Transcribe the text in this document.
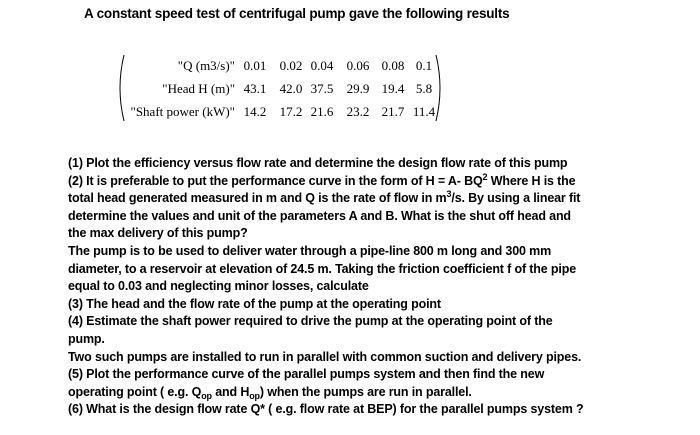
A constant speed test of centrifugal pump gave the following results
"Q (m3/s)" 0.01 0.02 0.04 0.06 0.08 0.1
"Head H (m)" 43.1 42.0 37.5 29.9 19.4 5.8
"Shaft power (kW)" 14.2 17.2 21.6 23.2 21.7 11.4
(1) Plot the efficiency versus flow rate and determine the design flow rate of this pump
(2) It is preferable to put the performance curve in the form of H = A- $BQ^2$ Where H is the
total head generated measured in m and Q is the rate of flow in $m^3/s$. By using a linear fit
determine the values and unit of the parameters A and B. What is the shut off head and
the max delivery of this pump?
The pump is to be used to deliver water through a pipe-line 800 m long and 300 mm
diameter, to a reservoir at elevation of 24.5 m. Taking the friction coefficient f of the pipe
equal to 0.03 and neglecting minor losses, calculate
(3) The head and the flow rate of the pump at the operating point
(4) Estimate the shaft power required to drive the pump at the operating point of the
pump.
Two such pumps are installed to run in parallel with common suction and delivery pipes.
(5) Plot the performance curve of the parallel pumps system and then find the new
operating point ( e.g. $Q_{op}$ and $H_{op}$) when the pumps are run in parallel.
(6) What is the design flow rate Q* ( e.g. flow rate at BEP) for the parallel pumps system ?
